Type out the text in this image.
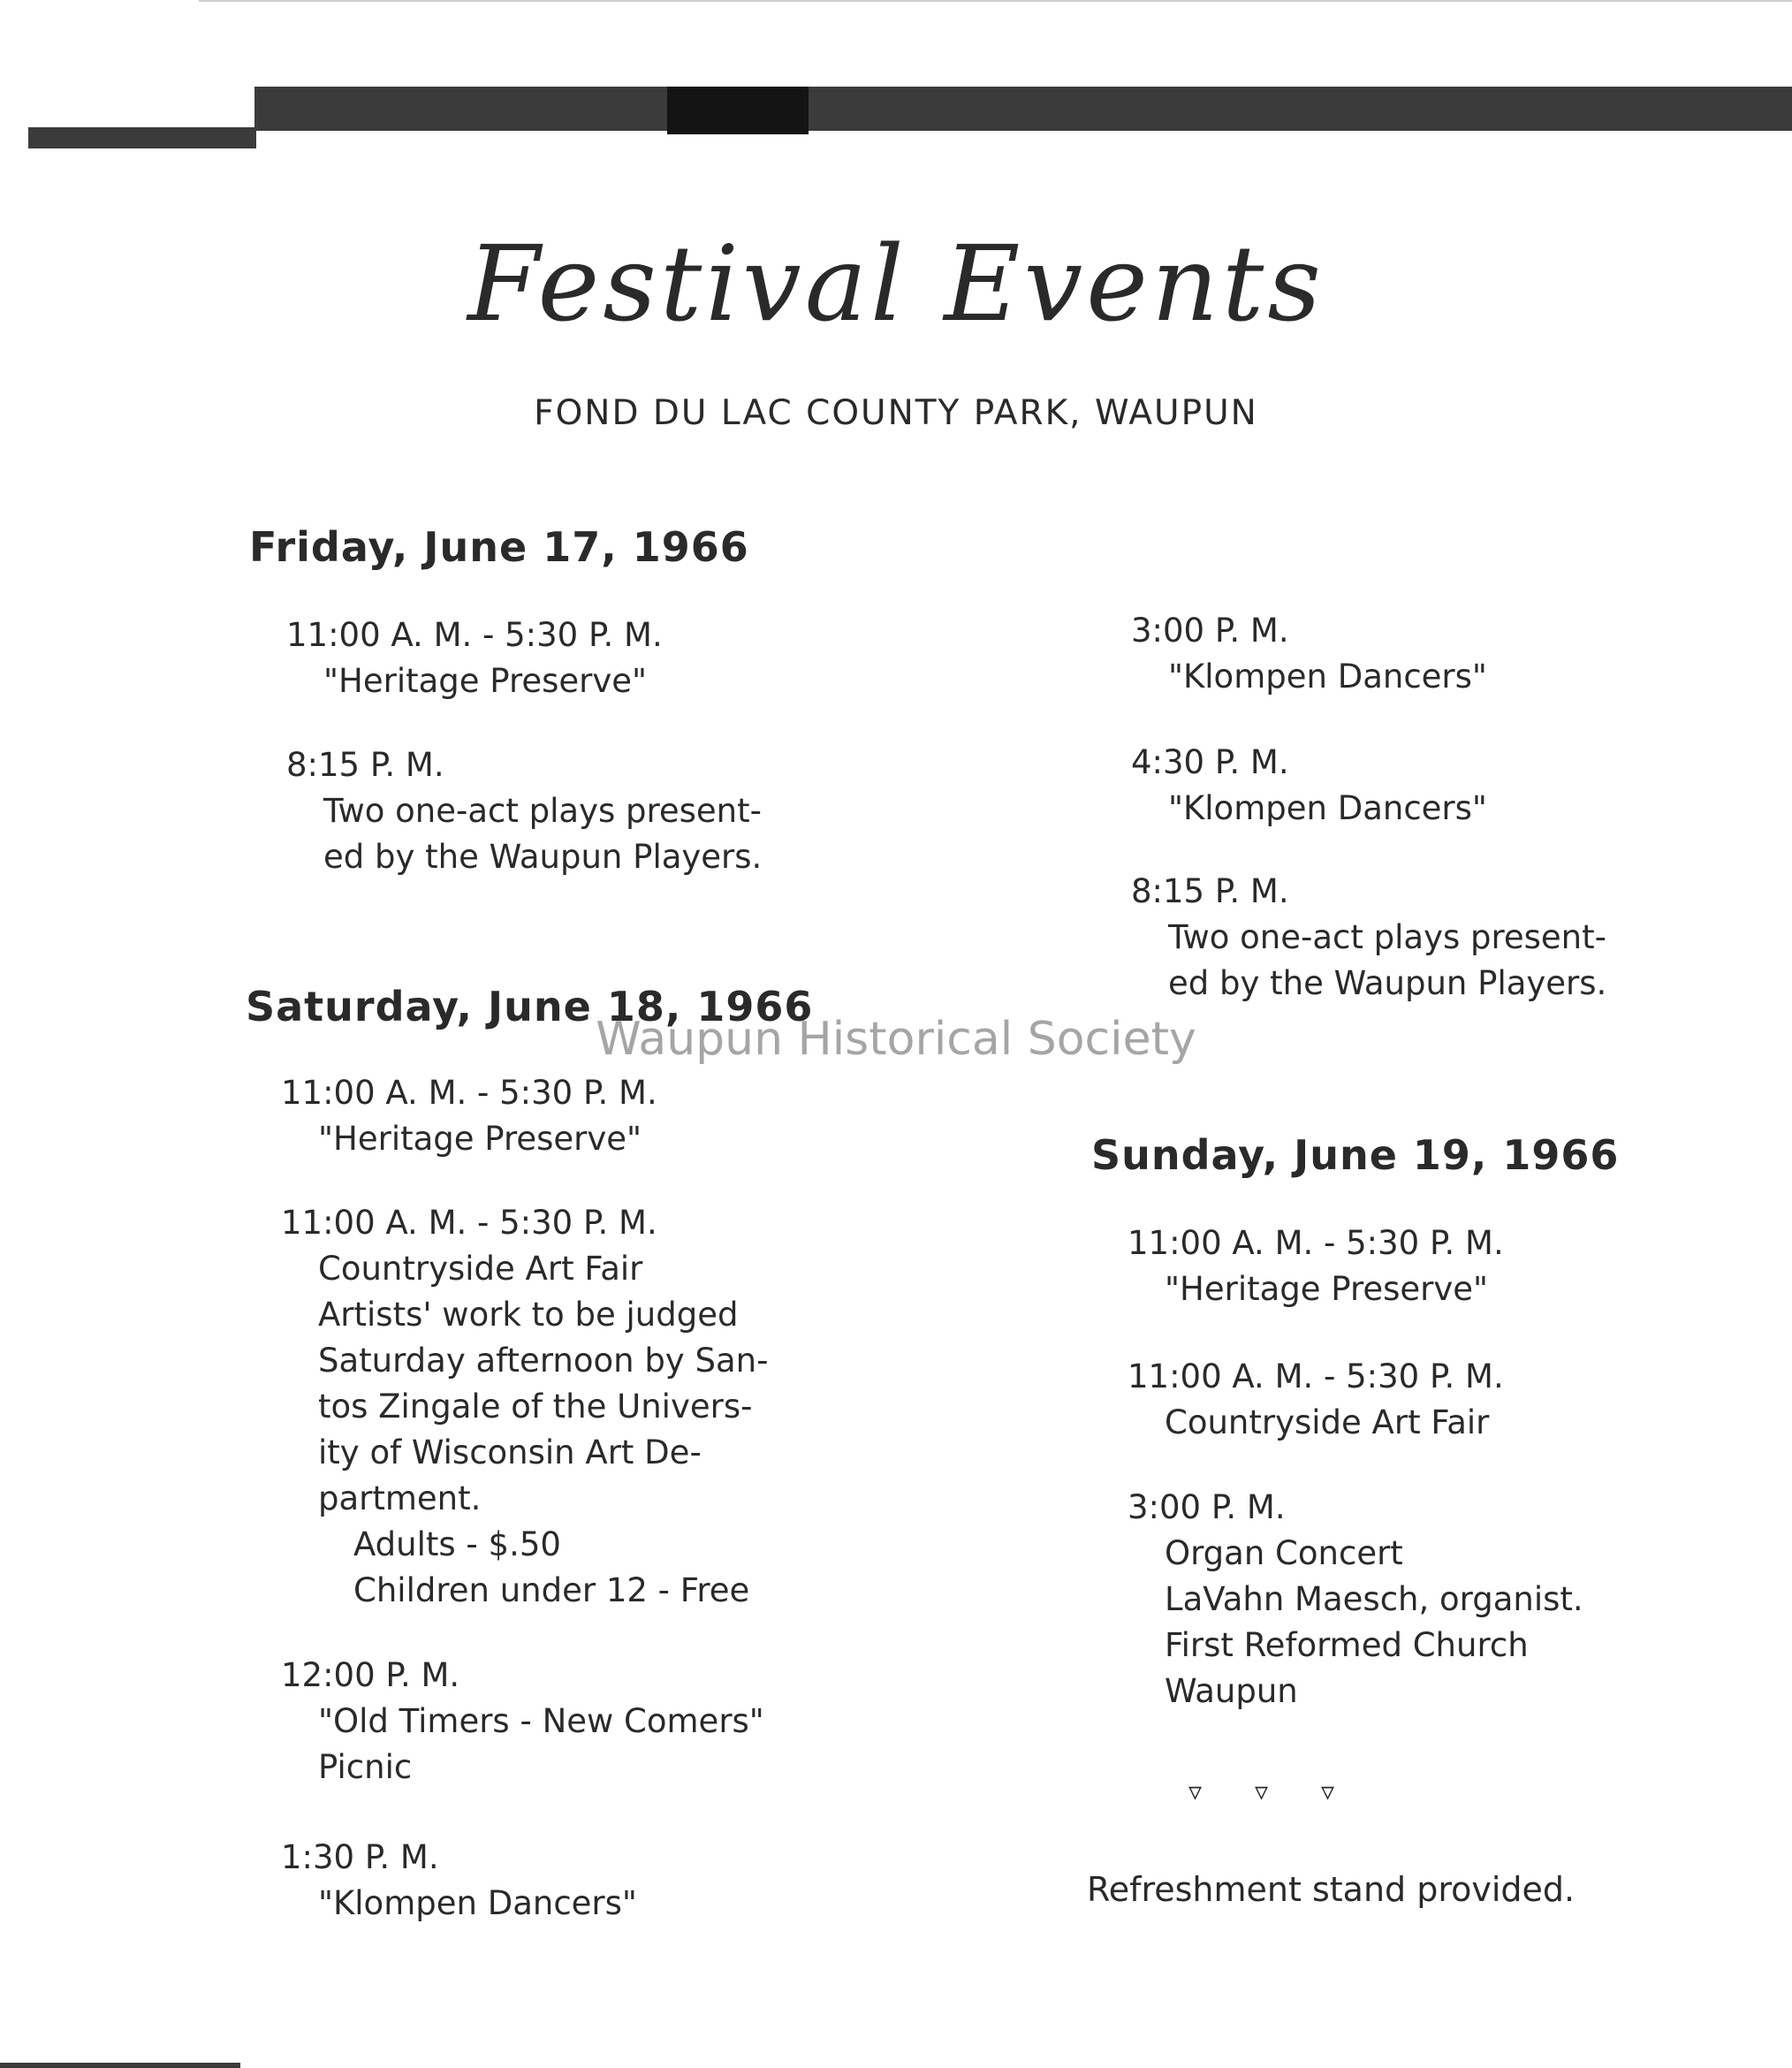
Festival Events
FOND DU LAC COUNTY PARK, WAUPUN
Friday, June 17, 1966
11:00 A. M. - 5:30 P. M.
"Heritage Preserve"
8:15 P. M.
Two one-act plays present-
ed by the Waupun Players.
Saturday, June 18, 1966
11:00 A. M. - 5:30 P. M.
"Heritage Preserve"
11:00 A. M. - 5:30 P. M.
Countryside Art Fair
Artists' work to be judged
Saturday afternoon by San-
tos Zingale of the Univers-
ity of Wisconsin Art De-
partment.
Adults - $.50
Children under 12 - Free
12:00 P. M.
"Old Timers - New Comers"
Picnic
1:30 P. M.
"Klompen Dancers"
3:00 P. M.
"Klompen Dancers"
4:30 P. M.
"Klompen Dancers"
8:15 P. M.
Two one-act plays present-
ed by the Waupun Players.
Sunday, June 19, 1966
11:00 A. M. - 5:30 P. M.
"Heritage Preserve"
11:00 A. M. - 5:30 P. M.
Countryside Art Fair
3:00 P. M.
Organ Concert
LaVahn Maesch, organist.
First Reformed Church
Waupun
▿ ▿ ▿
Refreshment stand provided.
Waupun Historical Society
